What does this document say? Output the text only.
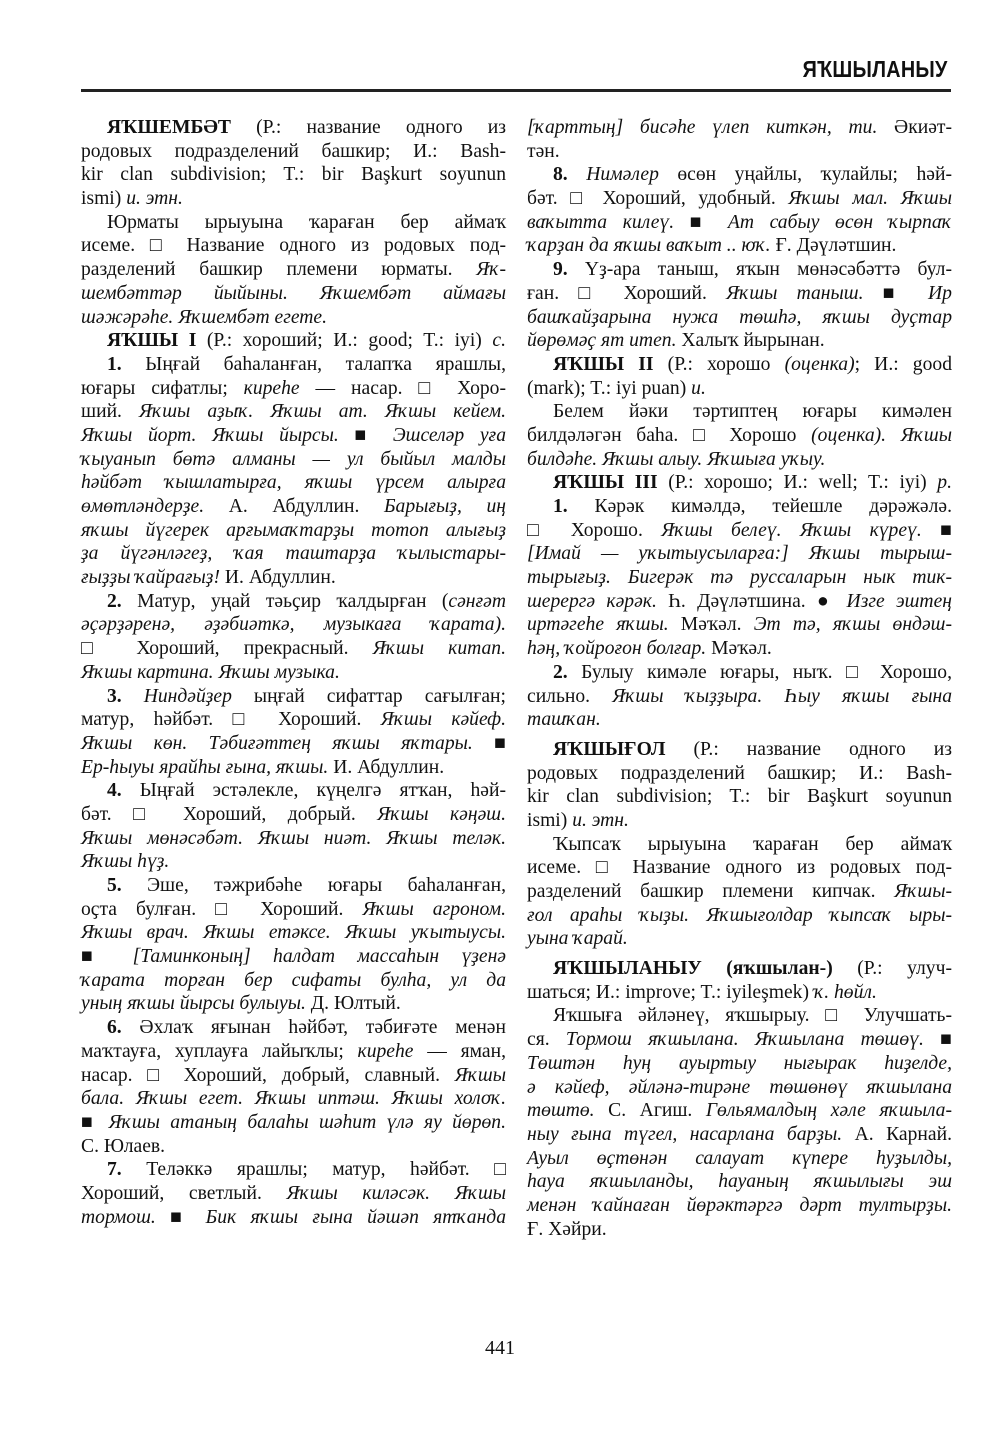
ЯҠШЫЛАНЫУ
ЯҠШЕМБӘТ (Р.: название одного из
родовых подразделений башкир; И.: Bash-
kir clan subdivision; T.: bir Başkurt soyunun
ismi) и. этн.
Юрматы ырыуына ҡараған бер аймаҡ
исеме. □ Название одного из родовых под-
разделений башкир племени юрматы. Яҡ-
шембәттәр йыйыны. Яҡшембәт аймағы
шәжәрәһе. Яҡшембәт егете.
ЯҠШЫ I (Р.: хороший; И.: good; T.: iyi) с.
1. Ыңғай баһаланған, талапҡа ярашлы,
юғары сифатлы; киреһе — насар. □ Хоро-
ший. Яҡшы аҙыҡ. Яҡшы ат. Яҡшы кейем.
Яҡшы йорт. Яҡшы йырсы. ■ Эшселәр уға
ҡыуанып бөтә алманы — ул быйыл малды
һәйбәт ҡышлатырға, яҡшы үрсем алырға
өмөтләндерҙе. А. Абдуллин. Барығыҙ, иң
яҡшы йүгерек арғымаҡтарҙы тотоп алығыҙ
ҙа йүгәнләгеҙ, ҡая таштарҙа ҡылыстары-
ғыҙҙы ҡайрағыҙ! И. Абдуллин.
2. Матур, уңай тәьҫир ҡалдырған (сәнғәт
әҫәрҙәренә, әҙәбиәткә, музыкаға ҡарата).
□ Хороший, прекрасный. Яҡшы китап.
Яҡшы картина. Яҡшы музыка.
3. Ниндәйҙер ыңғай сифаттар сағылған;
матур, һәйбәт. □ Хороший. Яҡшы кәйеф.
Яҡшы көн. Тәбиғәттең яҡшы яҡтары. ■
Ер-һыуы ярайһы ғына, яҡшы. И. Абдуллин.
4. Ыңғай эстәлекле, күңелгә ятҡан, һәй-
бәт. □ Хороший, добрый. Яҡшы кәңәш.
Яҡшы мөнәсәбәт. Яҡшы ниәт. Яҡшы теләк.
Яҡшы һүҙ.
5. Эше, тәжрибәһе юғары баһаланған,
оҫта булған. □ Хороший. Яҡшы агроном.
Яҡшы врач. Яҡшы етәксе. Яҡшы уҡытыусы.
■ [Таминконың] һалдат массаһын үҙенә
ҡарата торған бер сифаты булһа, ул да
уның яҡшы йырсы булыуы. Д. Юлтый.
6. Әхлаҡ яғынан һәйбәт, тәбиғәте менән
маҡтауға, хуплауға лайыҡлы; киреһе — яман,
насар. □ Хороший, добрый, славный. Яҡшы
бала. Яҡшы егет. Яҡшы иптәш. Яҡшы холоҡ.
■ Яҡшы атаның балаһы шәһит үлә яу йөрөп.
С. Юлаев.
7. Теләккә ярашлы; матур, һәйбәт. □
Хороший, светлый. Яҡшы киләсәк. Яҡшы
тормош. ■ Бик яҡшы ғына йәшәп ятҡанда
[ҡарттың] бисәһе үлеп киткән, ти. Әкиәт-
тән.
8. Нимәлер өсөн уңайлы, ҡулайлы; һәй-
бәт. □ Хороший, удобный. Яҡшы мал. Яҡшы
ваҡытта килеү. ■ Ат сабыу өсөн ҡырпаҡ
ҡарҙан да яҡшы ваҡыт .. юҡ. Ғ. Дәүләтшин.
9. Үҙ-ара таныш, яҡын мөнәсәбәттә бул-
ған. □ Хороший. Яҡшы таныш. ■ Ир
башҡайҙарына нужа төшһә, яҡшы дуҫтар
йөрөмәҫ ят итеп. Халыҡ йырынан.
ЯҠШЫ II (Р.: хорошо (оценка); И.: good
(mark); T.: iyi puan) и.
Белем йәки тәртиптең юғары кимәлен
билдәләгән баһа. □ Хорошо (оценка). Яҡшы
билдәһе. Яҡшы алыу. Яҡшыға уҡыу.
ЯҠШЫ III (Р.: хорошо; И.: well; T.: iyi) р.
1. Кәрәк кимәлдә, тейешле дәрәжәлә.
□ Хорошо. Яҡшы белеү. Яҡшы күреү. ■
[Имай — уҡытыусыларға:] Яҡшы тырыш-
тырығыҙ. Бигерәк тә руссаларын нык тик-
шерергә кәрәк. Һ. Дәүләтшина. ● Изге эштең
иртәгеһе яҡшы. Мәҡәл. Эт тә, яҡшы өндәш-
һәң, ҡойроғон болғар. Мәҡәл.
2. Булыу кимәле юғары, ныҡ. □ Хорошо,
сильно. Яҡшы ҡыҙҙыра. Һыу яҡшы ғына
ташҡан.
ЯҠШЫҒОЛ (Р.: название одного из
родовых подразделений башкир; И.: Bash-
kir clan subdivision; T.: bir Başkurt soyunun
ismi) и. этн.
Ҡыпсаҡ ырыуына ҡараған бер аймаҡ
исеме. □ Название одного из родовых под-
разделений башкир племени кипчак. Яҡшы-
ғол араһы ҡыҙы. Яҡшығолдар ҡыпсаҡ ыры-
уына ҡарай.
ЯҠШЫЛАНЫУ (яҡшылан-) (Р.: улуч-
шаться; И.: improve; T.: iyileşmek) ҡ. һөйл.
Яҡшыға әйләнеү, яҡшырыу. □ Улучшать-
ся. Тормош яҡшылана. Яҡшылана төшөү. ■
Төштән һуң ауыртыу нығырак һиҙелде,
ә кәйеф, әйләнә-тирәне төшөнөү яҡшылана
төштө. С. Агиш. Гөльямалдың хәле яҡшыла-
ныу ғына түгел, насарлана барҙы. А. Карнай.
Ауыл өҫтөнән салауат күпере һуҙылды,
һауа яҡшыланды, һауаның яҡшылығы эш
менән ҡайнаған йөрәктәргә дәрт тултырҙы.
Ғ. Хәйри.
441
